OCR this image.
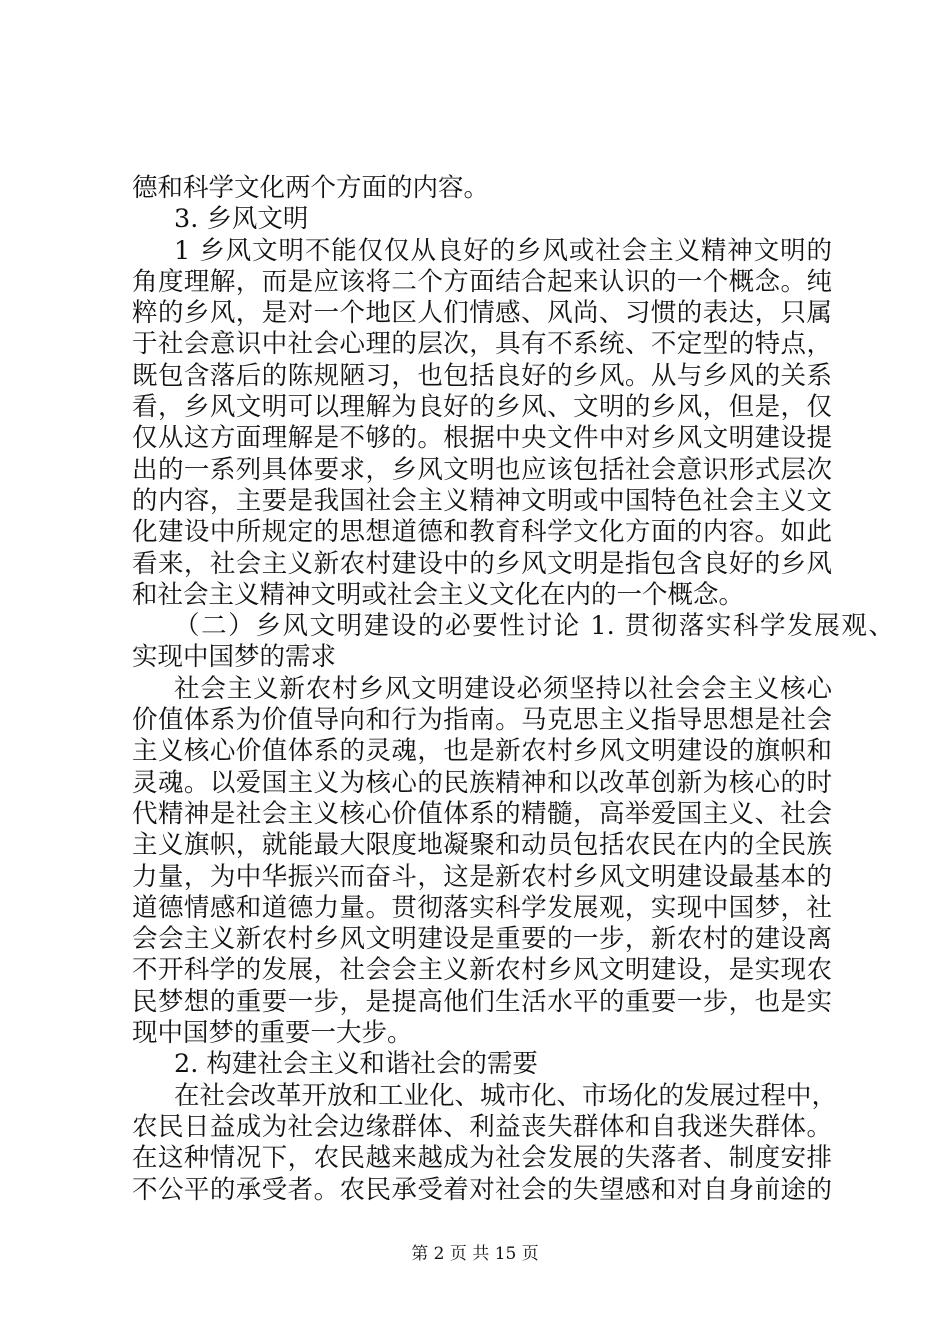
德和科学文化两个方面的内容。
3. 乡风文明
1 乡风文明不能仅仅从良好的乡风或社会主义精神文明的
角度理解，而是应该将二个方面结合起来认识的一个概念。纯
粹的乡风，是对一个地区人们情感、风尚、习惯的表达，只属
于社会意识中社会心理的层次，具有不系统、不定型的特点，
既包含落后的陈规陋习，也包括良好的乡风。从与乡风的关系
看，乡风文明可以理解为良好的乡风、文明的乡风，但是，仅
仅从这方面理解是不够的。根据中央文件中对乡风文明建设提
出的一系列具体要求，乡风文明也应该包括社会意识形式层次
的内容，主要是我国社会主义精神文明或中国特色社会主义文
化建设中所规定的思想道德和教育科学文化方面的内容。如此
看来，社会主义新农村建设中的乡风文明是指包含良好的乡风
和社会主义精神文明或社会主义文化在内的一个概念。
（二）乡风文明建设的必要性讨论 1. 贯彻落实科学发展观、
实现中国梦的需求
社会主义新农村乡风文明建设必须坚持以社会会主义核心
价值体系为价值导向和行为指南。马克思主义指导思想是社会
主义核心价值体系的灵魂，也是新农村乡风文明建设的旗帜和
灵魂。以爱国主义为核心的民族精神和以改革创新为核心的时
代精神是社会主义核心价值体系的精髓，高举爱国主义、社会
主义旗帜，就能最大限度地凝聚和动员包括农民在内的全民族
力量，为中华振兴而奋斗，这是新农村乡风文明建设最基本的
道德情感和道德力量。贯彻落实科学发展观，实现中国梦，社
会会主义新农村乡风文明建设是重要的一步，新农村的建设离
不开科学的发展，社会会主义新农村乡风文明建设，是实现农
民梦想的重要一步，是提高他们生活水平的重要一步，也是实
现中国梦的重要一大步。
2. 构建社会主义和谐社会的需要
在社会改革开放和工业化、城市化、市场化的发展过程中，
农民日益成为社会边缘群体、利益丧失群体和自我迷失群体。
在这种情况下，农民越来越成为社会发展的失落者、制度安排
不公平的承受者。农民承受着对社会的失望感和对自身前途的
第 2 页 共 15 页
